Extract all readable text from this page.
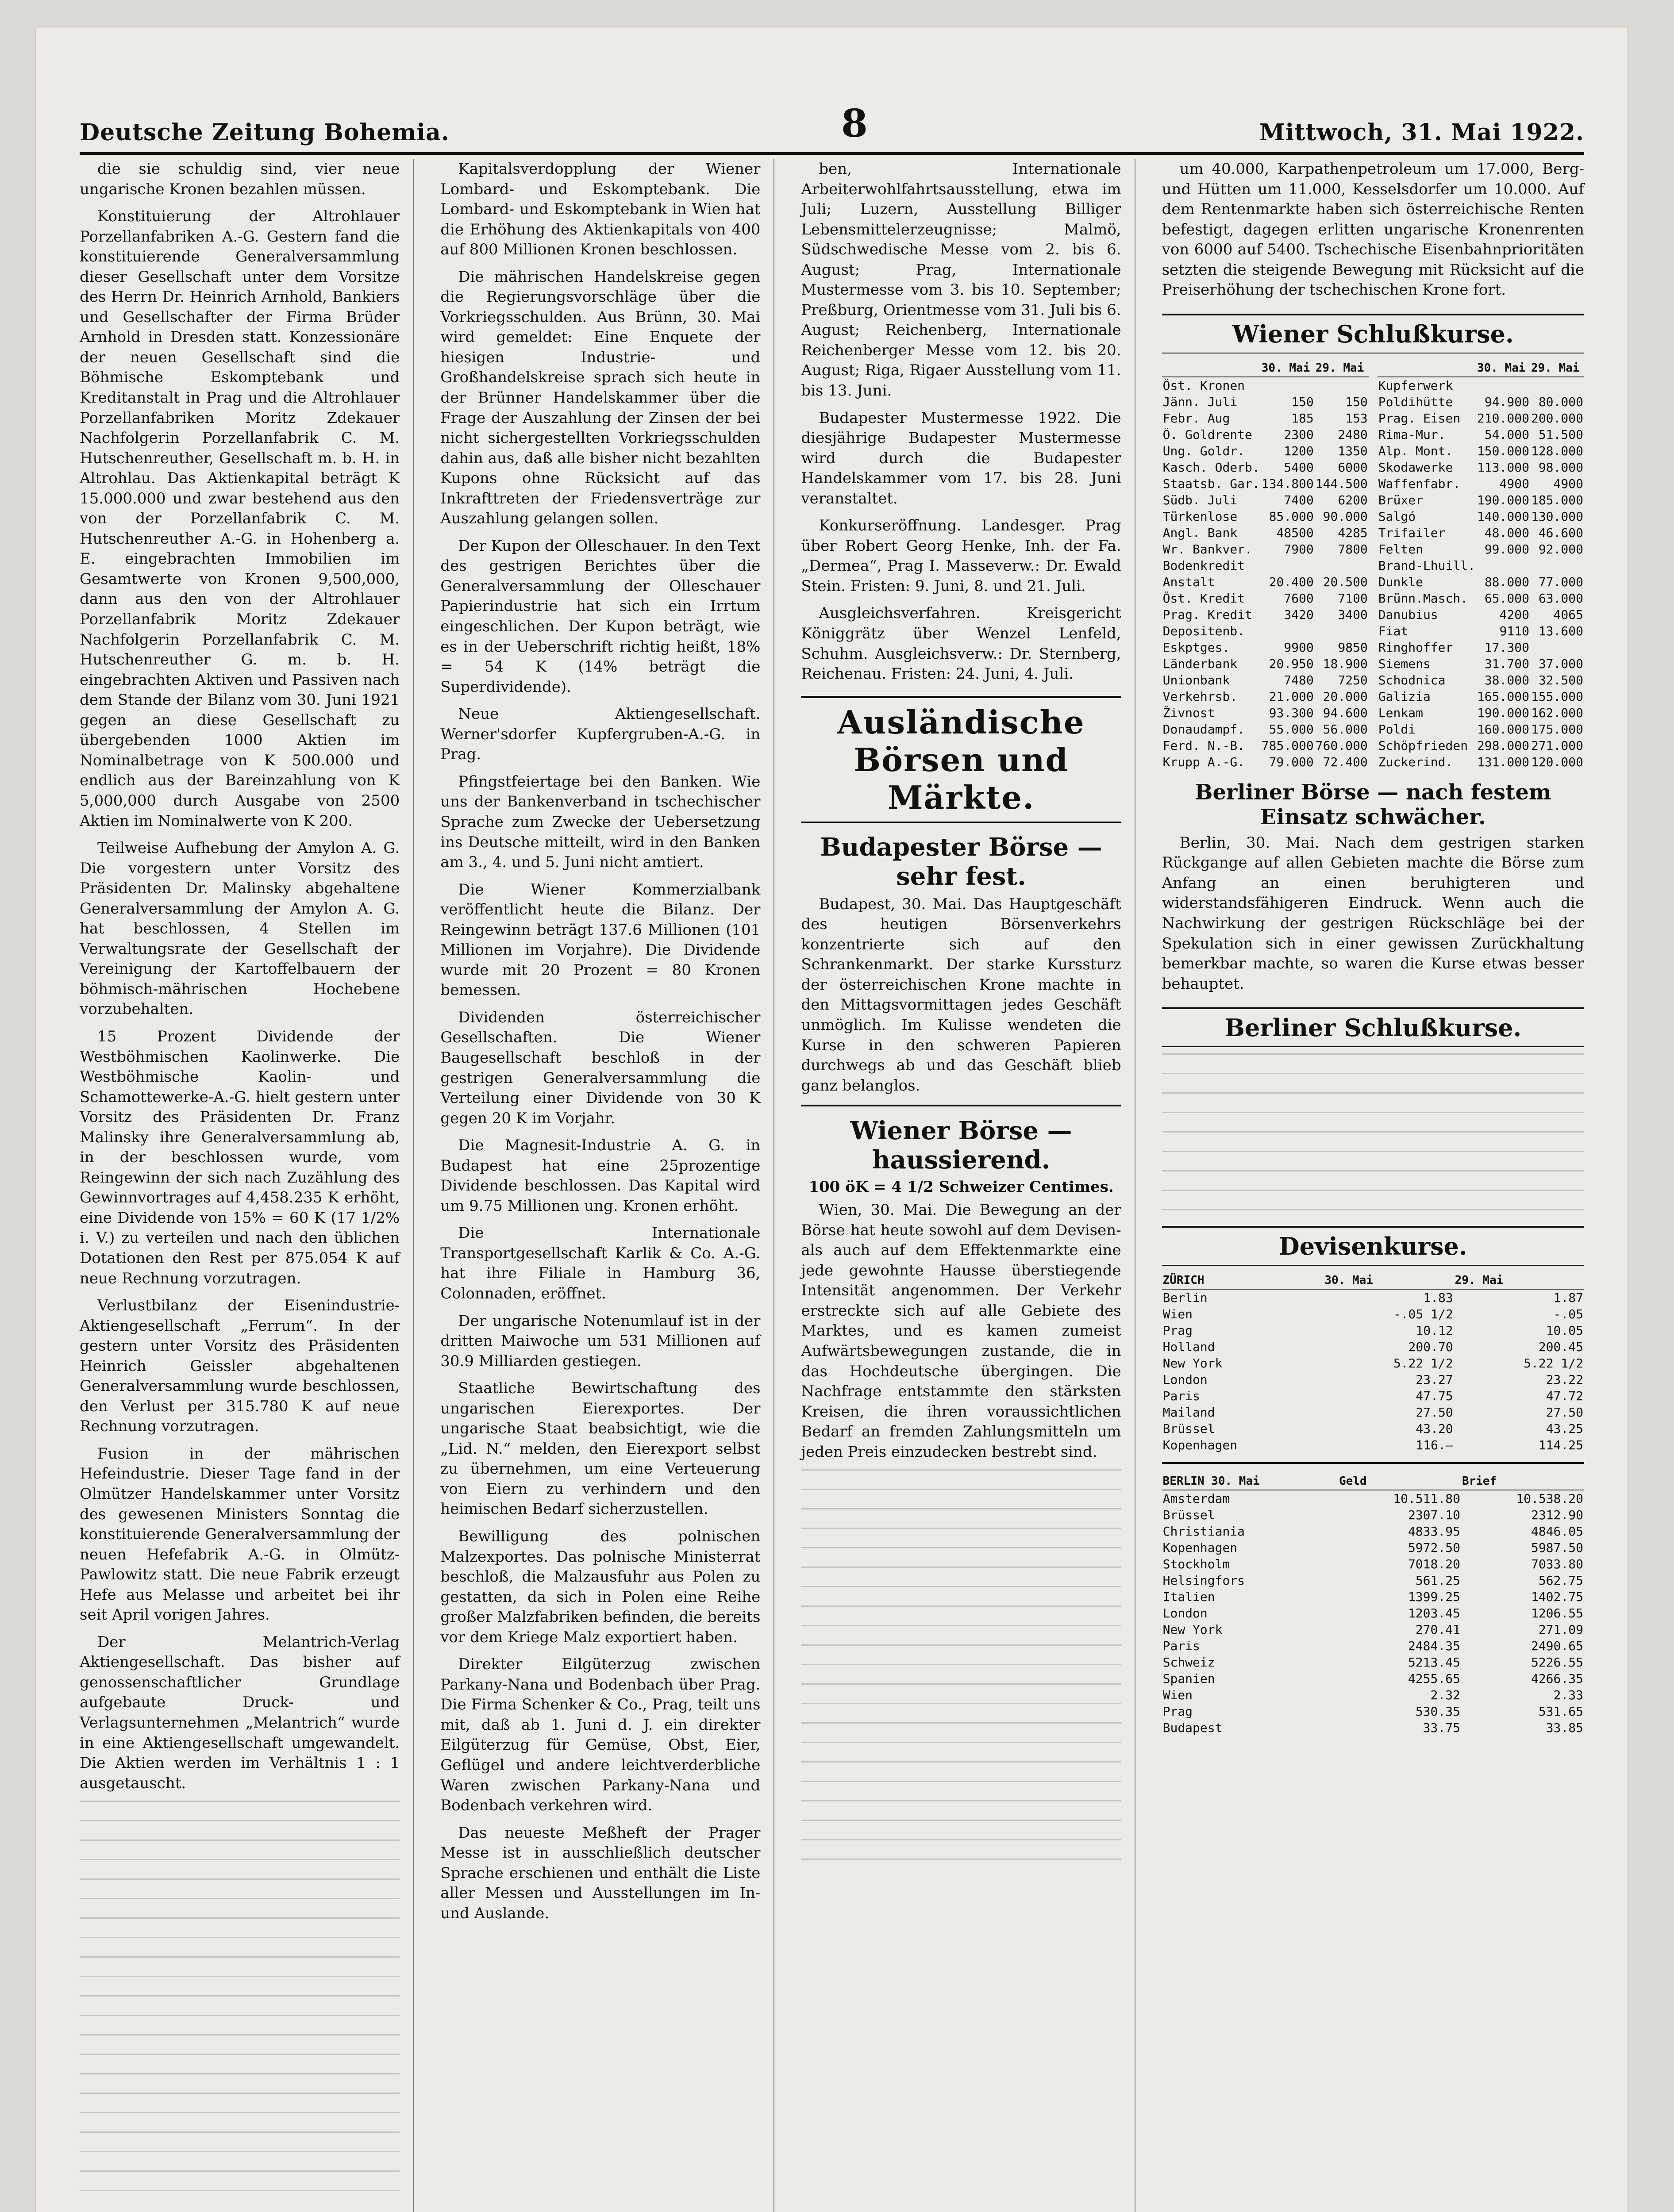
Deutsche Zeitung Bohemia.	8	Mittwoch, 31. Mai 1922.

die sie schuldig sind, vier neue ungarische Kronen bezahlen müssen.

Konstituierung der Altrohlauer Porzellanfabriken A.-G. Gestern fand die konstituierende Generalversammlung dieser Gesellschaft unter dem Vorsitze des Herrn Dr. Heinrich Arnhold, Bankiers und Gesellschafter der Firma Brüder Arnhold in Dresden statt. Konzessionäre der neuen Gesellschaft sind die Böhmische Eskomptebank und Kreditanstalt in Prag und die Altrohlauer Porzellanfabriken Moritz Zdekauer Nachfolgerin Porzellanfabrik C. M. Hutschenreuther, Gesellschaft m. b. H. in Altrohlau. Das Aktienkapital beträgt K 15.000.000 und zwar bestehend aus den von der Porzellanfabrik C. M. Hutschenreuther A.-G. in Hohenberg a. E. eingebrachten Immobilien im Gesamtwerte von Kronen 9,500,000, dann aus den von der Altrohlauer Porzellanfabrik Moritz Zdekauer Nachfolgerin Porzellanfabrik C. M. Hutschenreuther G. m. b. H. eingebrachten Aktiven und Passiven nach dem Stande der Bilanz vom 30. Juni 1921 gegen an diese Gesellschaft zu übergebenden 1000 Aktien im Nominalbetrage von K 500.000 und endlich aus der Bareinzahlung von K 5,000,000 durch Ausgabe von 2500 Aktien im Nominalwerte von K 200.

Teilweise Aufhebung der Amylon A. G. Die vorgestern unter Vorsitz des Präsidenten Dr. Malinsky abgehaltene Generalversammlung der Amylon A. G. hat beschlossen, 4 Stellen im Verwaltungsrate der Gesellschaft der Vereinigung der Kartoffelbauern der böhmisch-mährischen Hochebene vorzubehalten.

15 Prozent Dividende der Westböhmischen Kaolinwerke. Die Westböhmische Kaolin- und Schamottewerke-A.-G. hielt gestern unter Vorsitz des Präsidenten Dr. Franz Malinsky ihre Generalversammlung ab, in der beschlossen wurde, vom Reingewinn der sich nach Zuzählung des Gewinnvortrages auf 4,458.235 K erhöht, eine Dividende von 15% = 60 K (17 1/2% i. V.) zu verteilen und nach den üblichen Dotationen den Rest per 875.054 K auf neue Rechnung vorzutragen.

Verlustbilanz der Eisenindustrie-Aktiengesellschaft „Ferrum“. In der gestern unter Vorsitz des Präsidenten Heinrich Geissler abgehaltenen Generalversammlung wurde beschlossen, den Verlust per 315.780 K auf neue Rechnung vorzutragen.

Fusion in der mährischen Hefeindustrie. Dieser Tage fand in der Olmützer Handelskammer unter Vorsitz des gewesenen Ministers Sonntag die konstituierende Generalversammlung der neuen Hefefabrik A.-G. in Olmütz-Pawlowitz statt. Die neue Fabrik erzeugt Hefe aus Melasse und arbeitet bei ihr seit April vorigen Jahres.

Der Melantrich-Verlag Aktiengesellschaft. Das bisher auf genossenschaftlicher Grundlage aufgebaute Druck- und Verlagsunternehmen „Melantrich“ wurde in eine Aktiengesellschaft umgewandelt. Die Aktien werden im Verhältnis 1 : 1 ausgetauscht.

Kapitalsverdopplung der Wiener Lombard- und Eskomptebank. Die Lombard- und Eskomptebank in Wien hat die Erhöhung des Aktienkapitals von 400 auf 800 Millionen Kronen beschlossen.

Die mährischen Handelskreise gegen die Regierungsvorschläge über die Vorkriegsschulden. Aus Brünn, 30. Mai wird gemeldet: Eine Enquete der hiesigen Industrie- und Großhandelskreise sprach sich heute in der Brünner Handelskammer über die Frage der Auszahlung der Zinsen der bei nicht sichergestellten Vorkriegsschulden dahin aus, daß alle bisher nicht bezahlten Kupons ohne Rücksicht auf das Inkrafttreten der Friedensverträge zur Auszahlung gelangen sollen.

Der Kupon der Olleschauer. In den Text des gestrigen Berichtes über die Generalversammlung der Olleschauer Papierindustrie hat sich ein Irrtum eingeschlichen. Der Kupon beträgt, wie es in der Ueberschrift richtig heißt, 18% = 54 K (14% beträgt die Superdividende).

Neue Aktiengesellschaft. Werner'sdorfer Kupfergruben-A.-G. in Prag.

Pfingstfeiertage bei den Banken. Wie uns der Bankenverband in tschechischer Sprache zum Zwecke der Uebersetzung ins Deutsche mitteilt, wird in den Banken am 3., 4. und 5. Juni nicht amtiert.

Die Wiener Kommerzialbank veröffentlicht heute die Bilanz. Der Reingewinn beträgt 137.6 Millionen (101 Millionen im Vorjahre). Die Dividende wurde mit 20 Prozent = 80 Kronen bemessen.

Dividenden österreichischer Gesellschaften. Die Wiener Baugesellschaft beschloß in der gestrigen Generalversammlung die Verteilung einer Dividende von 30 K gegen 20 K im Vorjahr.

Die Magnesit-Industrie A. G. in Budapest hat eine 25prozentige Dividende beschlossen. Das Kapital wird um 9.75 Millionen ung. Kronen erhöht.

Die Internationale Transportgesellschaft Karlik & Co. A.-G. hat ihre Filiale in Hamburg 36, Colonnaden, eröffnet.

Der ungarische Notenumlauf ist in der dritten Maiwoche um 531 Millionen auf 30.9 Milliarden gestiegen.

Staatliche Bewirtschaftung des ungarischen Eierexportes. Der ungarische Staat beabsichtigt, wie die „Lid. N.“ melden, den Eierexport selbst zu übernehmen, um eine Verteuerung von Eiern zu verhindern und den heimischen Bedarf sicherzustellen.

Bewilligung des polnischen Malzexportes. Das polnische Ministerrat beschloß, die Malzausfuhr aus Polen zu gestatten, da sich in Polen eine Reihe großer Malzfabriken befinden, die bereits vor dem Kriege Malz exportiert haben.

Direkter Eilgüterzug zwischen Parkany-Nana und Bodenbach über Prag. Die Firma Schenker & Co., Prag, teilt uns mit, daß ab 1. Juni d. J. ein direkter Eilgüterzug für Gemüse, Obst, Eier, Geflügel und andere leichtverderbliche Waren zwischen Parkany-Nana und Bodenbach verkehren wird.

Das neueste Meßheft der Prager Messe ist in ausschließlich deutscher Sprache erschienen und enthält die Liste aller Messen und Ausstellungen im In- und Auslande.

ben, Internationale Arbeiterwohlfahrtsausstellung, etwa im Juli; Luzern, Ausstellung Billiger Lebensmittelerzeugnisse; Malmö, Südschwedische Messe vom 2. bis 6. August; Prag, Internationale Mustermesse vom 3. bis 10. September; Preßburg, Orientmesse vom 31. Juli bis 6. August; Reichenberg, Internationale Reichenberger Messe vom 12. bis 20. August; Riga, Rigaer Ausstellung vom 11. bis 13. Juni.

Budapester Mustermesse 1922. Die diesjährige Budapester Mustermesse wird durch die Budapester Handelskammer vom 17. bis 28. Juni veranstaltet.

Konkurseröffnung. Landesger. Prag über Robert Georg Henke, Inh. der Fa. „Dermea“, Prag I. Masseverw.: Dr. Ewald Stein. Fristen: 9. Juni, 8. und 21. Juli.

Ausgleichsverfahren. Kreisgericht Königgrätz über Wenzel Lenfeld, Schuhm. Ausgleichsverw.: Dr. Sternberg, Reichenau. Fristen: 24. Juni, 4. Juli.

Ausländische Börsen und Märkte.
Budapester Börse — sehr fest.

Budapest, 30. Mai. Das Hauptgeschäft des heutigen Börsenverkehrs konzentrierte sich auf den Schrankenmarkt. Der starke Kurssturz der österreichischen Krone machte in den Mittagsvormittagen jedes Geschäft unmöglich. Im Kulisse wendeten die Kurse in den schweren Papieren durchwegs ab und das Geschäft blieb ganz belanglos.

Wiener Börse — haussierend.
100 öK = 4 1/2 Schweizer Centimes.

Wien, 30. Mai. Die Bewegung an der Börse hat heute sowohl auf dem Devisen- als auch auf dem Effektenmarkte eine jede gewohnte Hausse überstiegende Intensität angenommen. Der Verkehr erstreckte sich auf alle Gebiete des Marktes, und es kamen zumeist Aufwärtsbewegungen zustande, die in das Hochdeutsche übergingen. Die Nachfrage entstammte den stärksten Kreisen, die ihren voraussichtlichen Bedarf an fremden Zahlungsmitteln um jeden Preis einzudecken bestrebt sind.

um 40.000, Karpathenpetroleum um 17.000, Berg- und Hütten um 11.000, Kesselsdorfer um 10.000. Auf dem Rentenmarkte haben sich österreichische Renten befestigt, dagegen erlitten ungarische Kronenrenten von 6000 auf 5400. Tschechische Eisenbahnprioritäten setzten die steigende Bewegung mit Rücksicht auf die Preiserhöhung der tschechischen Krone fort.

Wiener Schlußkurse.
	30. Mai	29. Mai
Öst. Kronen		
Jänn. Juli	150	150
Febr. Aug	185	153
Ö. Goldrente	2300	2480
Ung. Goldr.	1200	1350
Kasch. Oderb.	5400	6000
Staatsb. Gar.	134.800	144.500
Südb. Juli	7400	6200
Türkenlose	85.000	90.000
Angl. Bank	48500	4285
Wr. Bankver.	7900	7800
Bodenkredit		
Anstalt	20.400	20.500
Öst. Kredit	7600	7100
Prag. Kredit	3420	3400
Depositenb.		
Eskptges.	9900	9850
Länderbank	20.950	18.900
Unionbank	7480	7250
Verkehrsb.	21.000	20.000
Živnost	93.300	94.600
Donaudampf.	55.000	56.000
Ferd. N.-B.	785.000	760.000
Krupp A.-G.	79.000	72.400
	30. Mai	29. Mai
Kupferwerk		
Poldihütte	94.900	80.000
Prag. Eisen	210.000	200.000
Rima-Mur.	54.000	51.500
Alp. Mont.	150.000	128.000
Skodawerke	113.000	98.000
Waffenfabr.	4900	4900
Brüxer	190.000	185.000
Salgó	140.000	130.000
Trifailer	48.000	46.600
Felten	99.000	92.000
Brand-Lhuill.		
Dunkle	88.000	77.000
Brünn.Masch.	65.000	63.000
Danubius	4200	4065
Fiat	9110	13.600
Ringhoffer	17.300	
Siemens	31.700	37.000
Schodnica	38.000	32.500
Galizia	165.000	155.000
Lenkam	190.000	162.000
Poldi	160.000	175.000
Schöpfrieden	298.000	271.000
Zuckerind.	131.000	120.000
Berliner Börse — nach festem Einsatz schwächer.

Berlin, 30. Mai. Nach dem gestrigen starken Rückgange auf allen Gebieten machte die Börse zum Anfang an einen beruhigteren und widerstandsfähigeren Eindruck. Wenn auch die Nachwirkung der gestrigen Rückschläge bei der Spekulation sich in einer gewissen Zurückhaltung bemerkbar machte, so waren die Kurse etwas besser behauptet.

Berliner Schlußkurse.
Devisenkurse.
ZÜRICH	30. Mai	29. Mai
Berlin	1.83	1.87
Wien	-.05 1/2	-.05
Prag	10.12	10.05
Holland	200.70	200.45
New York	5.22 1/2	5.22 1/2
London	23.27	23.22
Paris	47.75	47.72
Mailand	27.50	27.50
Brüssel	43.20	43.25
Kopenhagen	116.—	114.25
BERLIN 30. Mai	Geld	Brief
Amsterdam	10.511.80	10.538.20
Brüssel	2307.10	2312.90
Christiania	4833.95	4846.05
Kopenhagen	5972.50	5987.50
Stockholm	7018.20	7033.80
Helsingfors	561.25	562.75
Italien	1399.25	1402.75
London	1203.45	1206.55
New York	270.41	271.09
Paris	2484.35	2490.65
Schweiz	5213.45	5226.55
Spanien	4255.65	4266.35
Wien	2.32	2.33
Prag	530.35	531.65
Budapest	33.75	33.85
